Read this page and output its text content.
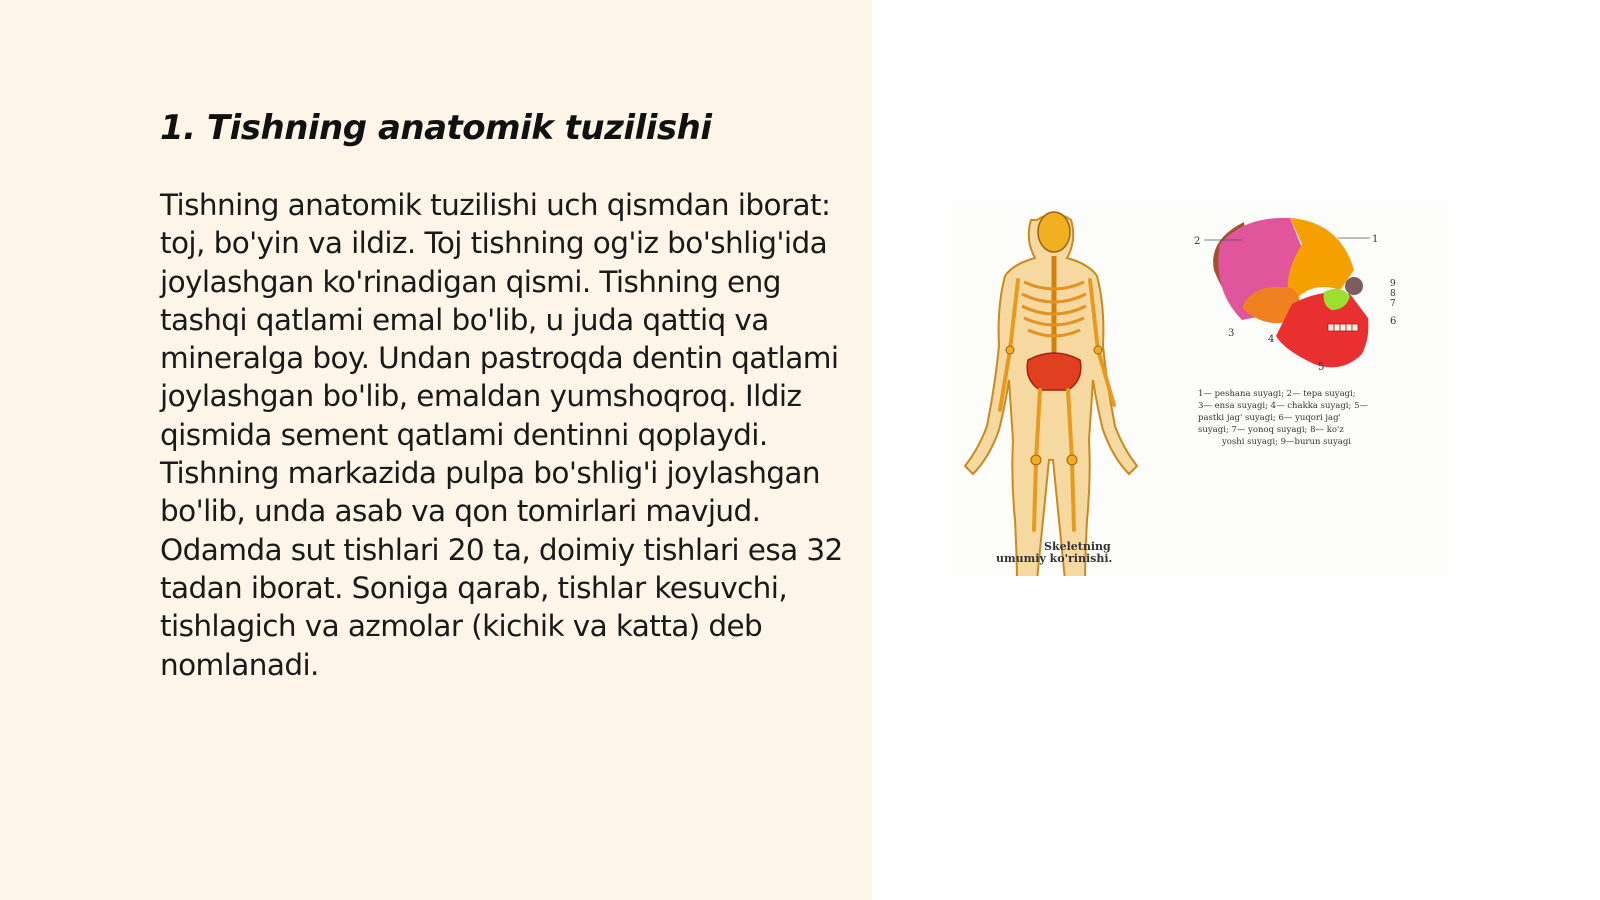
1. Tishning anatomik tuzilishi

Tishning anatomik tuzilishi uch qismdan iborat: toj, bo'yin va ildiz. Toj tishning og'iz bo'shlig'ida joylashgan ko'rinadigan qismi. Tishning eng tashqi qatlami emal bo'lib, u juda qattiq va mineralga boy. Undan pastroqda dentin qatlami joylashgan bo'lib, emaldan yumshoqroq. Ildiz qismida sement qatlami dentinni qoplaydi. Tishning markazida pulpa bo'shlig'i joylashgan bo'lib, unda asab va qon tomirlari mavjud. Odamda sut tishlari 20 ta, doimiy tishlari esa 32 tadan iborat. Soniga qarab, tishlar kesuvchi, tishlagich va azmolar (kichik va katta) deb nomlanadi.

Skeletning
umumiy ko'rinishi.
2	1
3
4
5
6
7
8
9
1— peshana suyagi; 2— tepa suyagi;
3— ensa suyagi; 4— chakka suyagi; 5—
pastki jag' suyagi; 6— yuqori jag'
suyagi; 7— yonoq suyagi; 8— ko'z
yoshi suyagi; 9—burun suyagi
